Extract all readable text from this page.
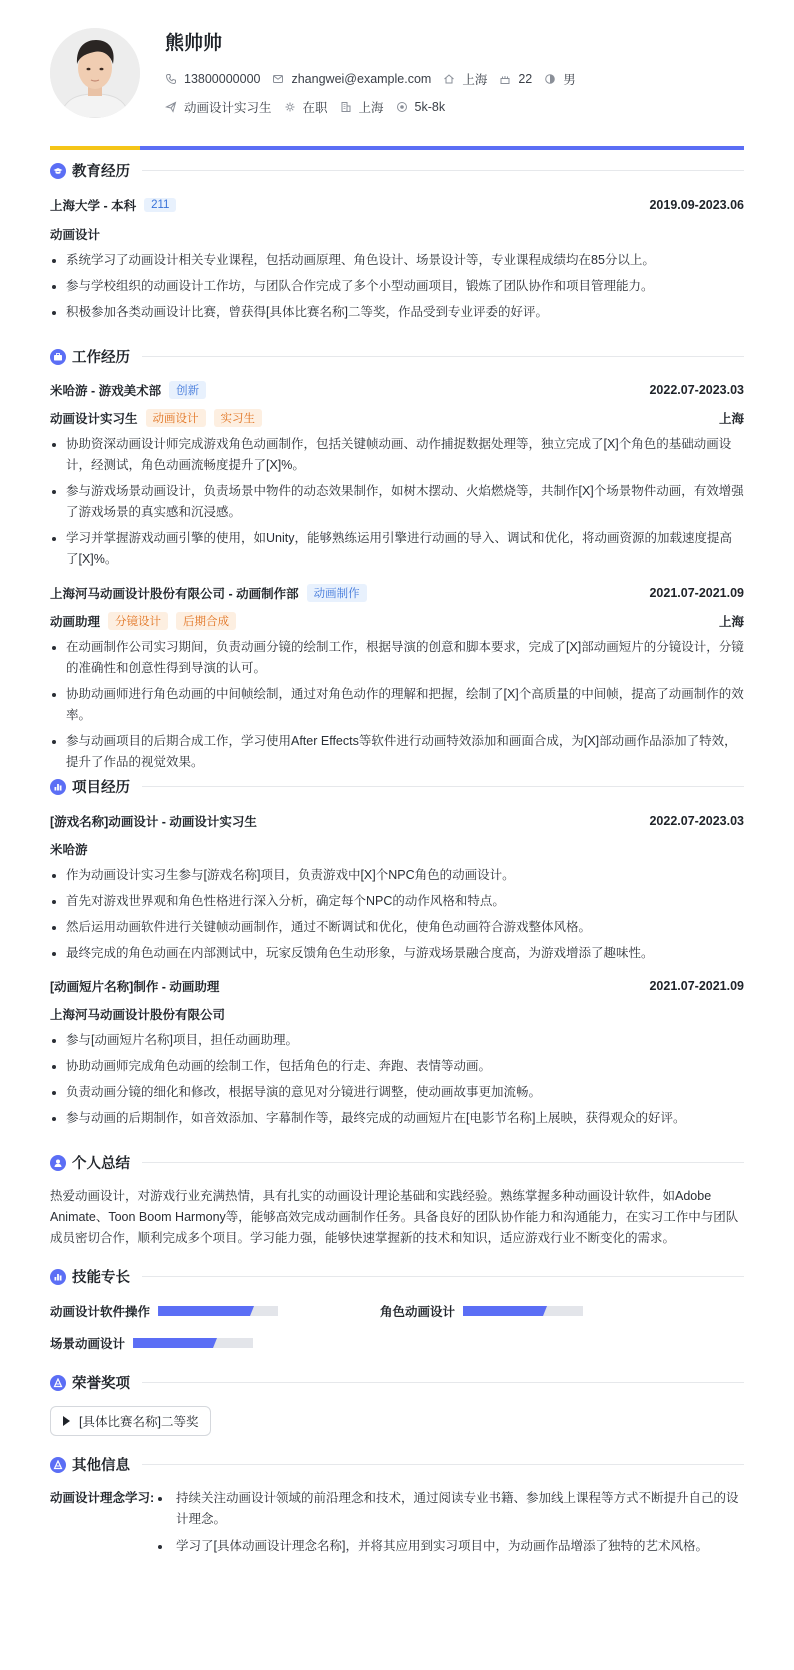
熊帅帅
13800000000 zhangwei@example.com 上海 22 男
动画设计实习生 在职 上海 5k-8k
教育经历
上海大学 - 本科	211	2019.09-2023.06
动画设计
系统学习了动画设计相关专业课程，包括动画原理、角色设计、场景设计等，专业课程成绩均在85分以上。
参与学校组织的动画设计工作坊，与团队合作完成了多个小型动画项目，锻炼了团队协作和项目管理能力。
积极参加各类动画设计比赛，曾获得[具体比赛名称]二等奖，作品受到专业评委的好评。
工作经历
米哈游 - 游戏美术部	创新	2022.07-2023.03
动画设计实习生	动画设计	实习生	上海
协助资深动画设计师完成游戏角色动画制作，包括关键帧动画、动作捕捉数据处理等，独立完成了[X]个角色的基础动画设计，经测试，角色动画流畅度提升了[X]%。
参与游戏场景动画设计，负责场景中物件的动态效果制作，如树木摆动、火焰燃烧等，共制作[X]个场景物件动画，有效增强了游戏场景的真实感和沉浸感。
学习并掌握游戏动画引擎的使用，如Unity，能够熟练运用引擎进行动画的导入、调试和优化，将动画资源的加载速度提高了[X]%。
上海河马动画设计股份有限公司 - 动画制作部	动画制作	2021.07-2021.09
动画助理	分镜设计	后期合成	上海
在动画制作公司实习期间，负责动画分镜的绘制工作，根据导演的创意和脚本要求，完成了[X]部动画短片的分镜设计，分镜的准确性和创意性得到导演的认可。
协助动画师进行角色动画的中间帧绘制，通过对角色动作的理解和把握，绘制了[X]个高质量的中间帧，提高了动画制作的效率。
参与动画项目的后期合成工作，学习使用After Effects等软件进行动画特效添加和画面合成，为[X]部动画作品添加了特效，提升了作品的视觉效果。
项目经历
[游戏名称]动画设计 - 动画设计实习生	2022.07-2023.03
米哈游
作为动画设计实习生参与[游戏名称]项目，负责游戏中[X]个NPC角色的动画设计。
首先对游戏世界观和角色性格进行深入分析，确定每个NPC的动作风格和特点。
然后运用动画软件进行关键帧动画制作，通过不断调试和优化，使角色动画符合游戏整体风格。
最终完成的角色动画在内部测试中，玩家反馈角色生动形象，与游戏场景融合度高，为游戏增添了趣味性。
[动画短片名称]制作 - 动画助理	2021.07-2021.09
上海河马动画设计股份有限公司
参与[动画短片名称]项目，担任动画助理。
协助动画师完成角色动画的绘制工作，包括角色的行走、奔跑、表情等动画。
负责动画分镜的细化和修改，根据导演的意见对分镜进行调整，使动画故事更加流畅。
参与动画的后期制作，如音效添加、字幕制作等，最终完成的动画短片在[电影节名称]上展映，获得观众的好评。
个人总结
热爱动画设计，对游戏行业充满热情，具有扎实的动画设计理论基础和实践经验。熟练掌握多种动画设计软件，如Adobe Animate、Toon Boom Harmony等，能够高效完成动画制作任务。具备良好的团队协作能力和沟通能力，在实习工作中与团队成员密切合作，顺利完成多个项目。学习能力强，能够快速掌握新的技术和知识，适应游戏行业不断变化的需求。
技能专长
动画设计软件操作	角色动画设计
场景动画设计
荣誉奖项
[具体比赛名称]二等奖
其他信息
动画设计理念学习:	持续关注动画设计领域的前沿理念和技术，通过阅读专业书籍、参加线上课程等方式不断提升自己的设计理念。
学习了[具体动画设计理念名称]，并将其应用到实习项目中，为动画作品增添了独特的艺术风格。
